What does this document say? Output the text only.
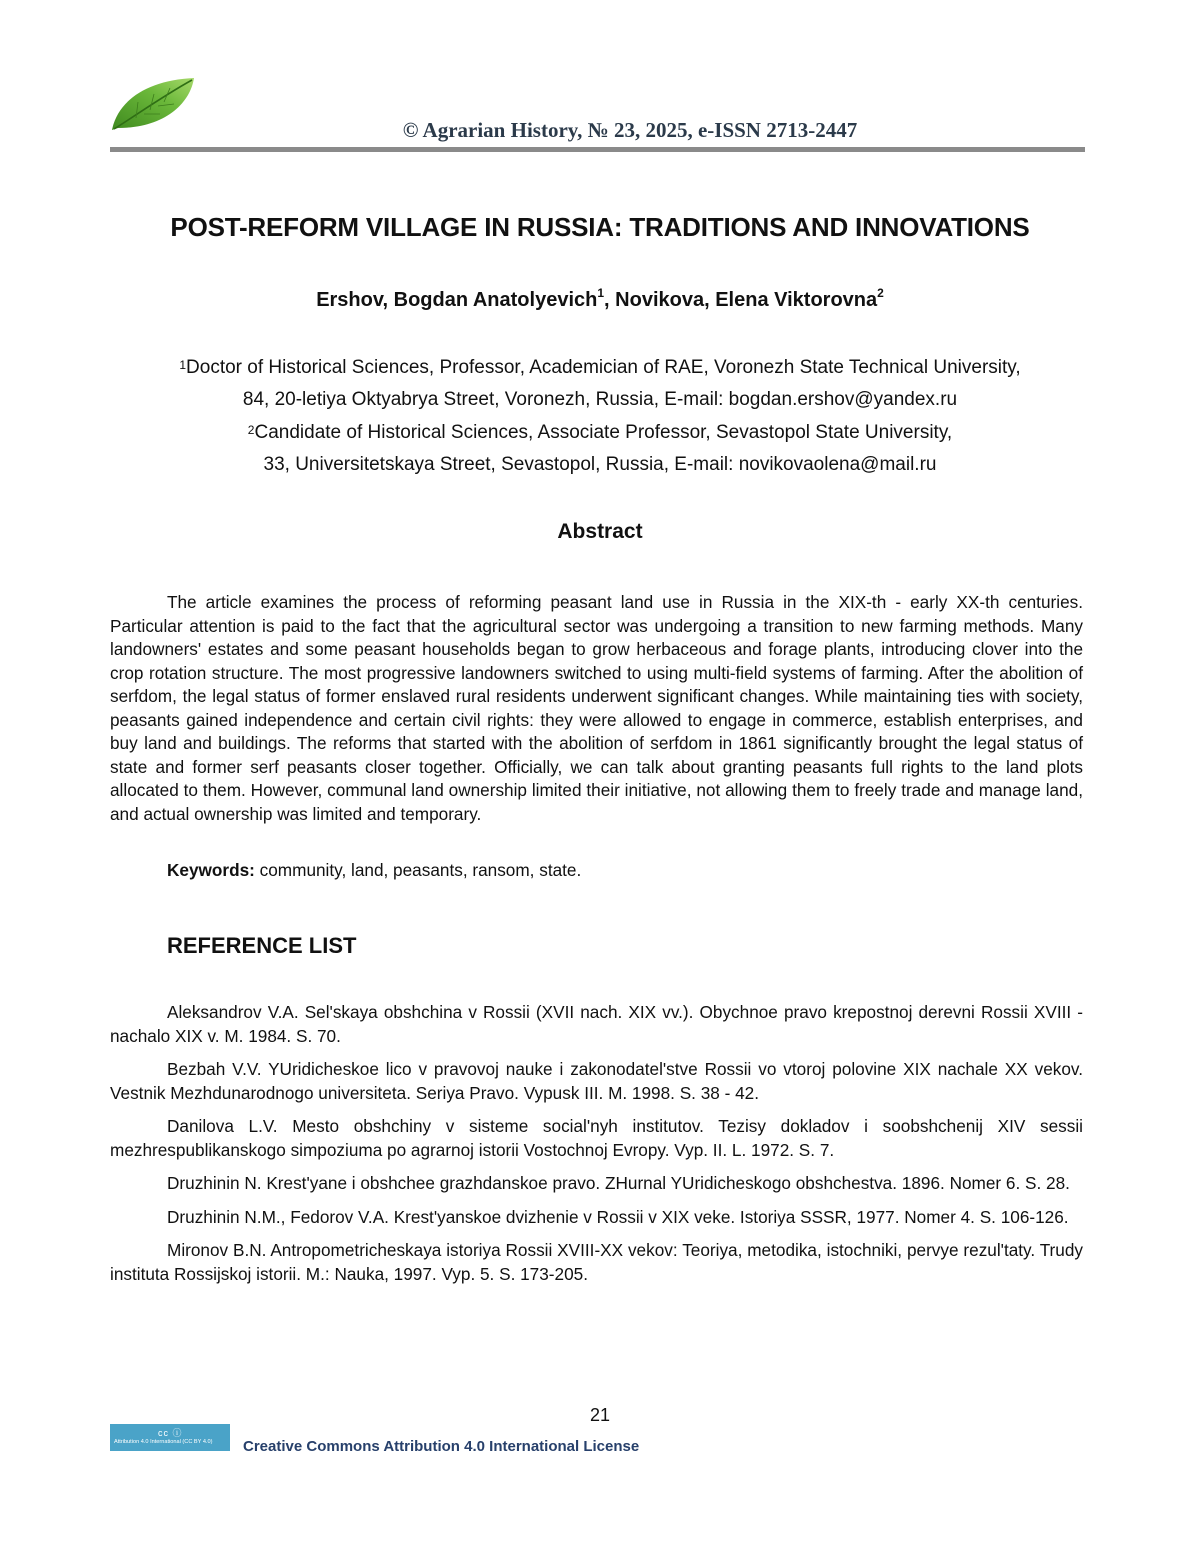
© Agrarian History, № 23, 2025, e-ISSN 2713-2447
POST-REFORM VILLAGE IN RUSSIA: TRADITIONS AND INNOVATIONS
Ershov, Bogdan Anatolyevich$^1$, Novikova, Elena Viktorovna$^2$
$^1$Doctor of Historical Sciences, Professor, Academician of RAE, Voronezh State Technical University,
84, 20-letiya Oktyabrya Street, Voronezh, Russia, E-mail: bogdan.ershov@yandex.ru
$^2$Candidate of Historical Sciences, Associate Professor, Sevastopol State University,
33, Universitetskaya Street, Sevastopol, Russia, E-mail: novikovaolena@mail.ru
Abstract

The article examines the process of reforming peasant land use in Russia in the XIX-th - early XX-th centuries. Particular attention is paid to the fact that the agricultural sector was undergoing a transition to new farming methods. Many landowners' estates and some peasant households began to grow herbaceous and forage plants, introducing clover into the crop rotation structure. The most progressive landowners switched to using multi-field systems of farming. After the abolition of serfdom, the legal status of former enslaved rural residents underwent significant changes. While maintaining ties with society, peasants gained independence and certain civil rights: they were allowed to engage in commerce, establish enterprises, and buy land and buildings. The reforms that started with the abolition of serfdom in 1861 significantly brought the legal status of state and former serf peasants closer together. Officially, we can talk about granting peasants full rights to the land plots allocated to them. However, communal land ownership limited their initiative, not allowing them to freely trade and manage land, and actual ownership was limited and temporary.

Keywords: community, land, peasants, ransom, state.
REFERENCE LIST

Aleksandrov V.A. Sel'skaya obshchina v Rossii (XVII nach. XIX vv.). Obychnoe pravo krepostnoj derevni Rossii XVIII - nachalo XIX v. M. 1984. S. 70.

Bezbah V.V. YUridicheskoe lico v pravovoj nauke i zakonodatel'stve Rossii vo vtoroj polovine XIX nachale XX vekov. Vestnik Mezhdunarodnogo universiteta. Seriya Pravo. Vypusk III. M. 1998. S. 38 - 42.

Danilova L.V. Mesto obshchiny v sisteme social'nyh institutov. Tezisy dokladov i soobshchenij XIV sessii mezhrespublikanskogo simpoziuma po agrarnoj istorii Vostochnoj Evropy. Vyp. II. L. 1972. S. 7.

Druzhinin N. Krest'yane i obshchee grazhdanskoe pravo. ZHurnal YUridicheskogo obshchestva. 1896. Nomer 6. S. 28.

Druzhinin N.M., Fedorov V.A. Krest'yanskoe dvizhenie v Rossii v XIX veke. Istoriya SSSR, 1977. Nomer 4. S. 106-126.

Mironov B.N. Antropometricheskaya istoriya Rossii XVIII-XX vekov: Teoriya, metodika, istochniki, pervye rezul'taty. Trudy instituta Rossijskoj istorii. M.: Nauka, 1997. Vyp. 5. S. 173-205.

21
cc ⓘ
Attribution 4.0 International (CC BY 4.0) Creative Commons Attribution 4.0 International License
